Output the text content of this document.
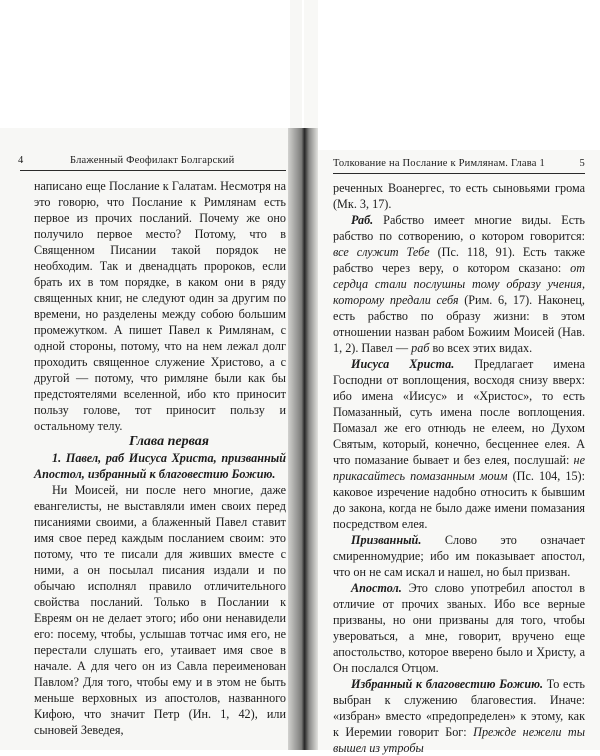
4	Блаженный Феофилакт Болгарский

написано еще Послание к Галатам. Несмотря на это говорю, что Послание к Римлянам есть первое из прочих посланий. Почему же оно получило первое место? Потому, что в Священном Писании такой порядок не необходим. Так и двенадцать пророков, если брать их в том порядке, в каком они в ряду священных книг, не следуют один за другим по времени, но разделены между собою большим промежутком. А пишет Павел к Римлянам, с одной стороны, потому, что на нем лежал долг проходить священное служение Христово, а с другой — потому, что римляне были как бы предстоятелями вселенной, ибо кто приносит пользу голове, тот приносит пользу и остальному телу.

Глава первая

1. Павел, раб Иисуса Христа, призванный Апостол, избранный к благовестию Божию.

Ни Моисей, ни после него многие, даже евангелисты, не выставляли имен своих перед писаниями своими, а блаженный Павел ставит имя свое перед каждым посланием своим: это потому, что те писали для живших вместе с ними, а он посылал писания издали и по обычаю исполнял правило отличительного свойства посланий. Только в Послании к Евреям он не делает этого; ибо они ненавидели его: посему, чтобы, услышав тотчас имя его, не перестали слушать его, утаивает имя свое в начале. А для чего он из Савла переименован Павлом? Для того, чтобы ему и в этом не быть меньше верховных из апостолов, названного Кифою, что значит Петр (Ин. 1, 42), или сыновей Зеведея,

Толкование на Послание к Римлянам. Глава 1	5

реченных Воанергес, то есть сыновьями грома (Мк. 3, 17).

Раб. Рабство имеет многие виды. Есть рабство по сотворению, о котором говорится: все служит Тебе (Пс. 118, 91). Есть также рабство через веру, о котором сказано: от сердца стали послушны тому образу учения, которому предали себя (Рим. 6, 17). Наконец, есть рабство по образу жизни: в этом отношении назван рабом Божиим Моисей (Нав. 1, 2). Павел — раб во всех этих видах.

Иисуса Христа. Предлагает имена Господни от воплощения, восходя снизу вверх: ибо имена «Иисус» и «Христос», то есть Помазанный, суть имена после воплощения. Помазал же его отнюдь не елеем, но Духом Святым, который, конечно, бесценнее елея. А что помазание бывает и без елея, послушай: не прикасайтесь помазанным моим (Пс. 104, 15): каковое изречение надобно относить к бывшим до закона, когда не было даже имени помазания посредством елея.

Призванный. Слово это означает смиренномудрие; ибо им показывает апостол, что он не сам искал и нашел, но был призван.

Апостол. Это слово употребил апостол в отличие от прочих званых. Ибо все верные призваны, но они призваны для того, чтобы увероваться, а мне, говорит, вручено еще апостольство, которое вверено было и Христу, а Он послался Отцом.

Избранный к благовестию Божию. То есть выбран к служению благовестия. Иначе: «избран» вместо «предопределен» к этому, как к Иеремии говорит Бог: Прежде нежели ты вышел из утробы
